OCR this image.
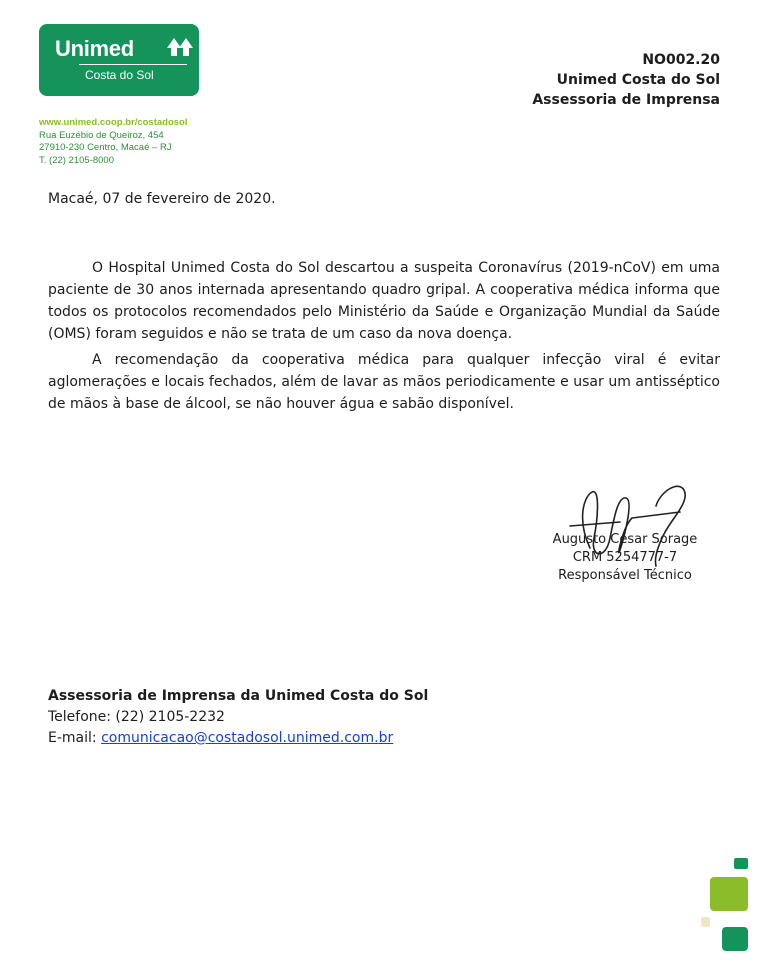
Unimed
Costa do Sol
www.unimed.coop.br/costadosol
Rua Euzébio de Queiroz, 454
27910-230 Centro, Macaé – RJ
T. (22) 2105-8000
NO002.20
Unimed Costa do Sol
Assessoria de Imprensa
Macaé, 07 de fevereiro de 2020.

O Hospital Unimed Costa do Sol descartou a suspeita Coronavírus (2019-nCoV) em uma paciente de 30 anos internada apresentando quadro gripal. A cooperativa médica informa que todos os protocolos recomendados pelo Ministério da Saúde e Organização Mundial da Saúde (OMS) foram seguidos e não se trata de um caso da nova doença.

A recomendação da cooperativa médica para qualquer infecção viral é evitar aglomerações e locais fechados, além de lavar as mãos periodicamente e usar um antisséptico de mãos à base de álcool, se não houver água e sabão disponível.

Augusto César Sorage
CRM 5254777-7
Responsável Técnico
Assessoria de Imprensa da Unimed Costa do Sol
Telefone: (22) 2105-2232
E-mail: comunicacao@costadosol.unimed.com.br
